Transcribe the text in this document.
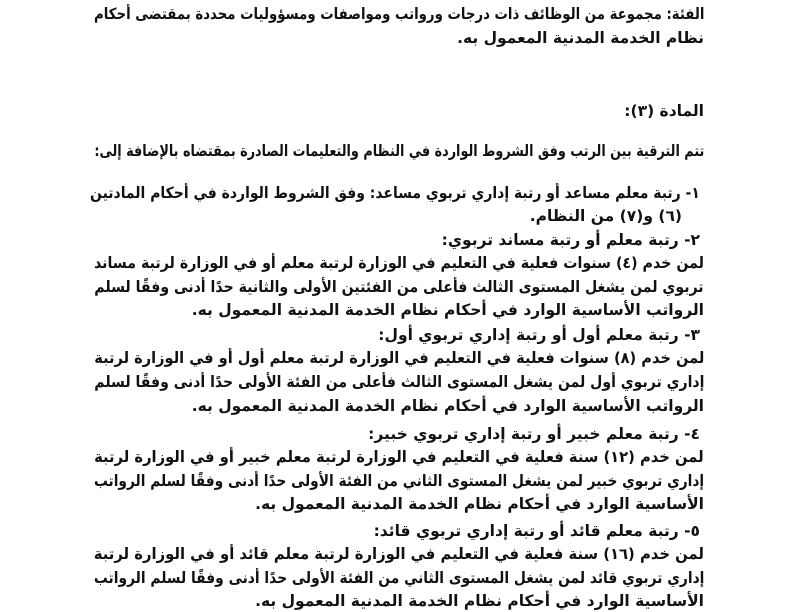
الفئة: مجموعة من الوظائف ذات درجات ورواتب ومواصفات ومسؤوليات محددة بمقتضى أحكام
نظام الخدمة المدنية المعمول به.
المادة (٣):
تتم الترقية بين الرتب وفق الشروط الواردة في النظام والتعليمات الصادرة بمقتضاه بالإضافة إلى:
١- رتبة معلم مساعد أو رتبة إداري تربوي مساعد: وفق الشروط الواردة في أحكام المادتين
(٦) و(٧) من النظام.
٢- رتبة معلم أو رتبة مساند تربوي:
لمن خدم (٤) سنوات فعلية في التعليم في الوزارة لرتبة معلم أو في الوزارة لرتبة مساند
تربوي لمن يشغل المستوى الثالث فأعلى من الفئتين الأولى والثانية حدًا أدنى وفقًا لسلم
الرواتب الأساسية الوارد في أحكام نظام الخدمة المدنية المعمول به.
٣- رتبة معلم أول أو رتبة إداري تربوي أول:
لمن خدم (٨) سنوات فعلية في التعليم في الوزارة لرتبة معلم أول أو في الوزارة لرتبة
إداري تربوي أول لمن يشغل المستوى الثالث فأعلى من الفئة الأولى حدًا أدنى وفقًا لسلم
الرواتب الأساسية الوارد في أحكام نظام الخدمة المدنية المعمول به.
٤- رتبة معلم خبير أو رتبة إداري تربوي خبير:
لمن خدم (١٢) سنة فعلية في التعليم في الوزارة لرتبة معلم خبير أو في الوزارة لرتبة
إداري تربوي خبير لمن يشغل المستوى الثاني من الفئة الأولى حدًا أدنى وفقًا لسلم الرواتب
الأساسية الوارد في أحكام نظام الخدمة المدنية المعمول به.
٥- رتبة معلم قائد أو رتبة إداري تربوي قائد:
لمن خدم (١٦) سنة فعلية في التعليم في الوزارة لرتبة معلم قائد أو في الوزارة لرتبة
إداري تربوي قائد لمن يشغل المستوى الثاني من الفئة الأولى حدًا أدنى وفقًا لسلم الرواتب
الأساسية الوارد في أحكام نظام الخدمة المدنية المعمول به.
